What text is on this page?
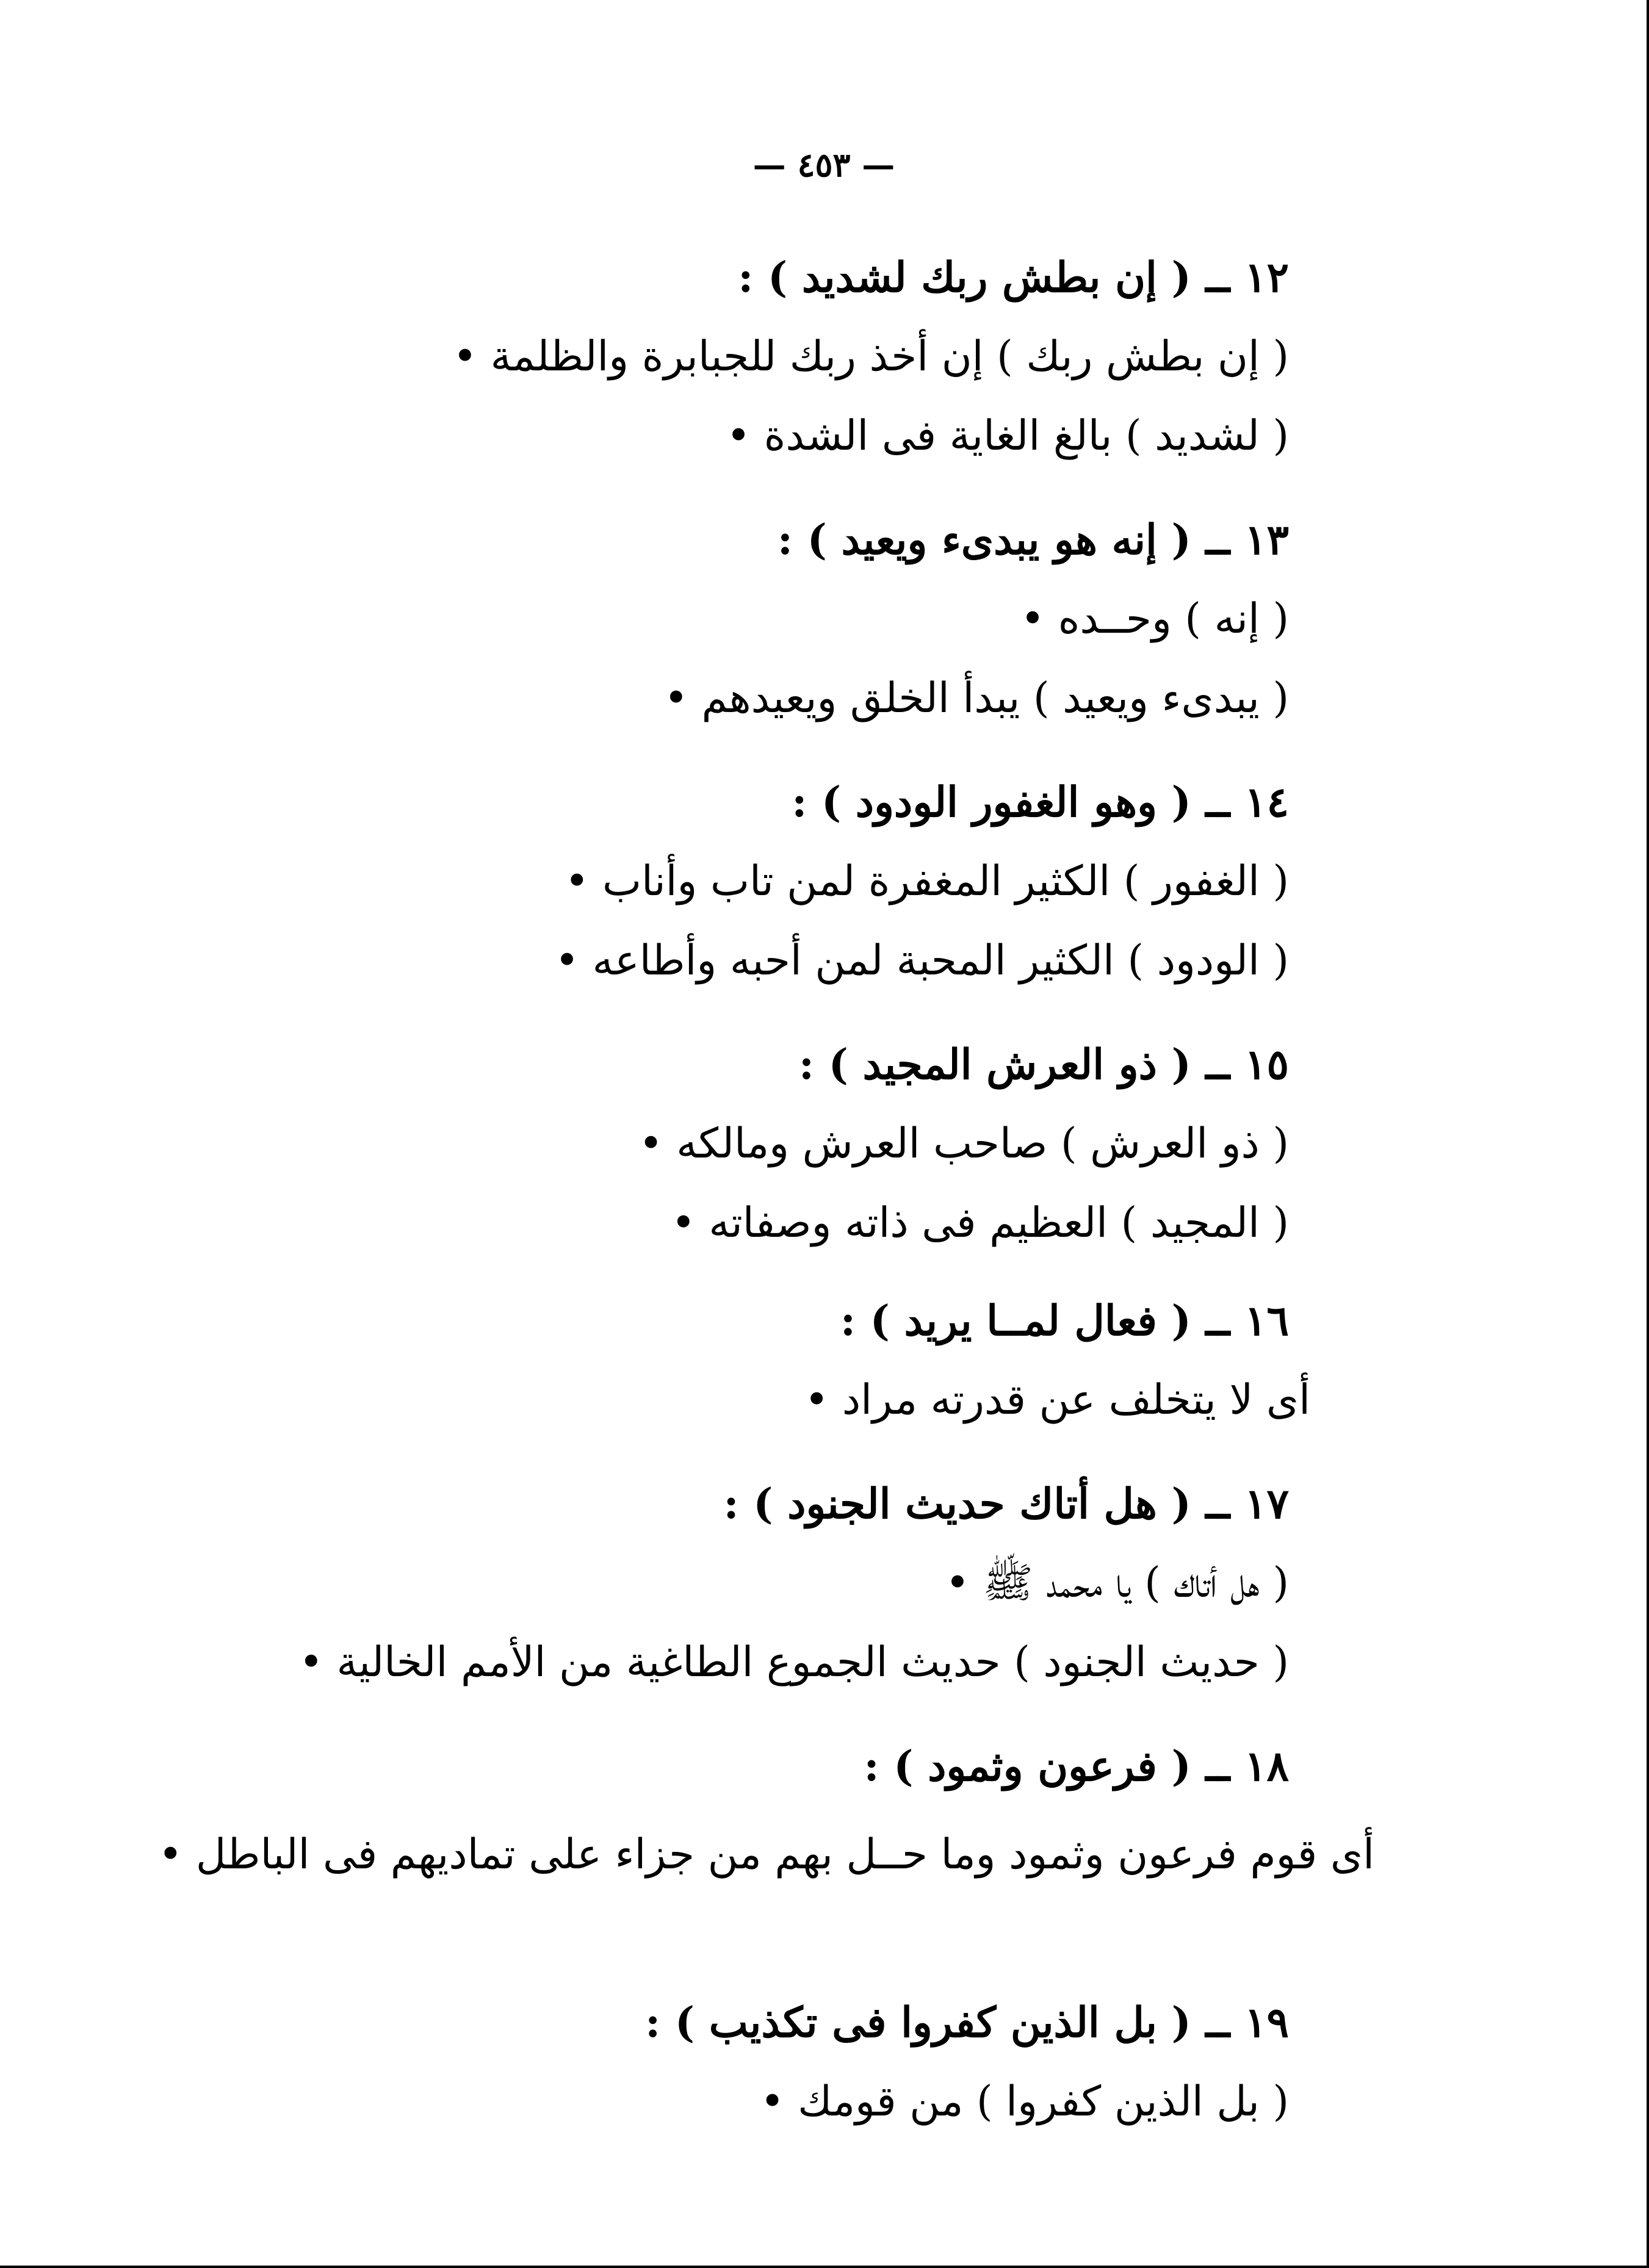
— ٤٥٣ —
١٢ ــ ( إن بطش ربك لشديد ) :
( إن بطش ربك ) إن أخذ ربك للجبابرة والظلمة •
( لشديد ) بالغ الغاية فى الشدة •
١٣ ــ ( إنه هو يبدىء ويعيد ) :
( إنه ) وحــده •
( يبدىء ويعيد ) يبدأ الخلق ويعيدهم •
١٤ ــ ( وهو الغفور الودود ) :
( الغفور ) الكثير المغفرة لمن تاب وأناب •
( الودود ) الكثير المحبة لمن أحبه وأطاعه •
١٥ ــ ( ذو العرش المجيد ) :
( ذو العرش ) صاحب العرش ومالكه •
( المجيد ) العظيم فى ذاته وصفاته •
١٦ ــ ( فعال لمــا يريد ) :
أى لا يتخلف عن قدرته مراد •
١٧ ــ ( هل أتاك حديث الجنود ) :
( هل أتاك ) يا محمد ﷺ •
( حديث الجنود ) حديث الجموع الطاغية من الأمم الخالية •
١٨ ــ ( فرعون وثمود ) :
أى قوم فرعون وثمود وما حــل بهم من جزاء على تماديهم فى الباطل •
١٩ ــ ( بل الذين كفروا فى تكذيب ) :
( بل الذين كفروا ) من قومك •
